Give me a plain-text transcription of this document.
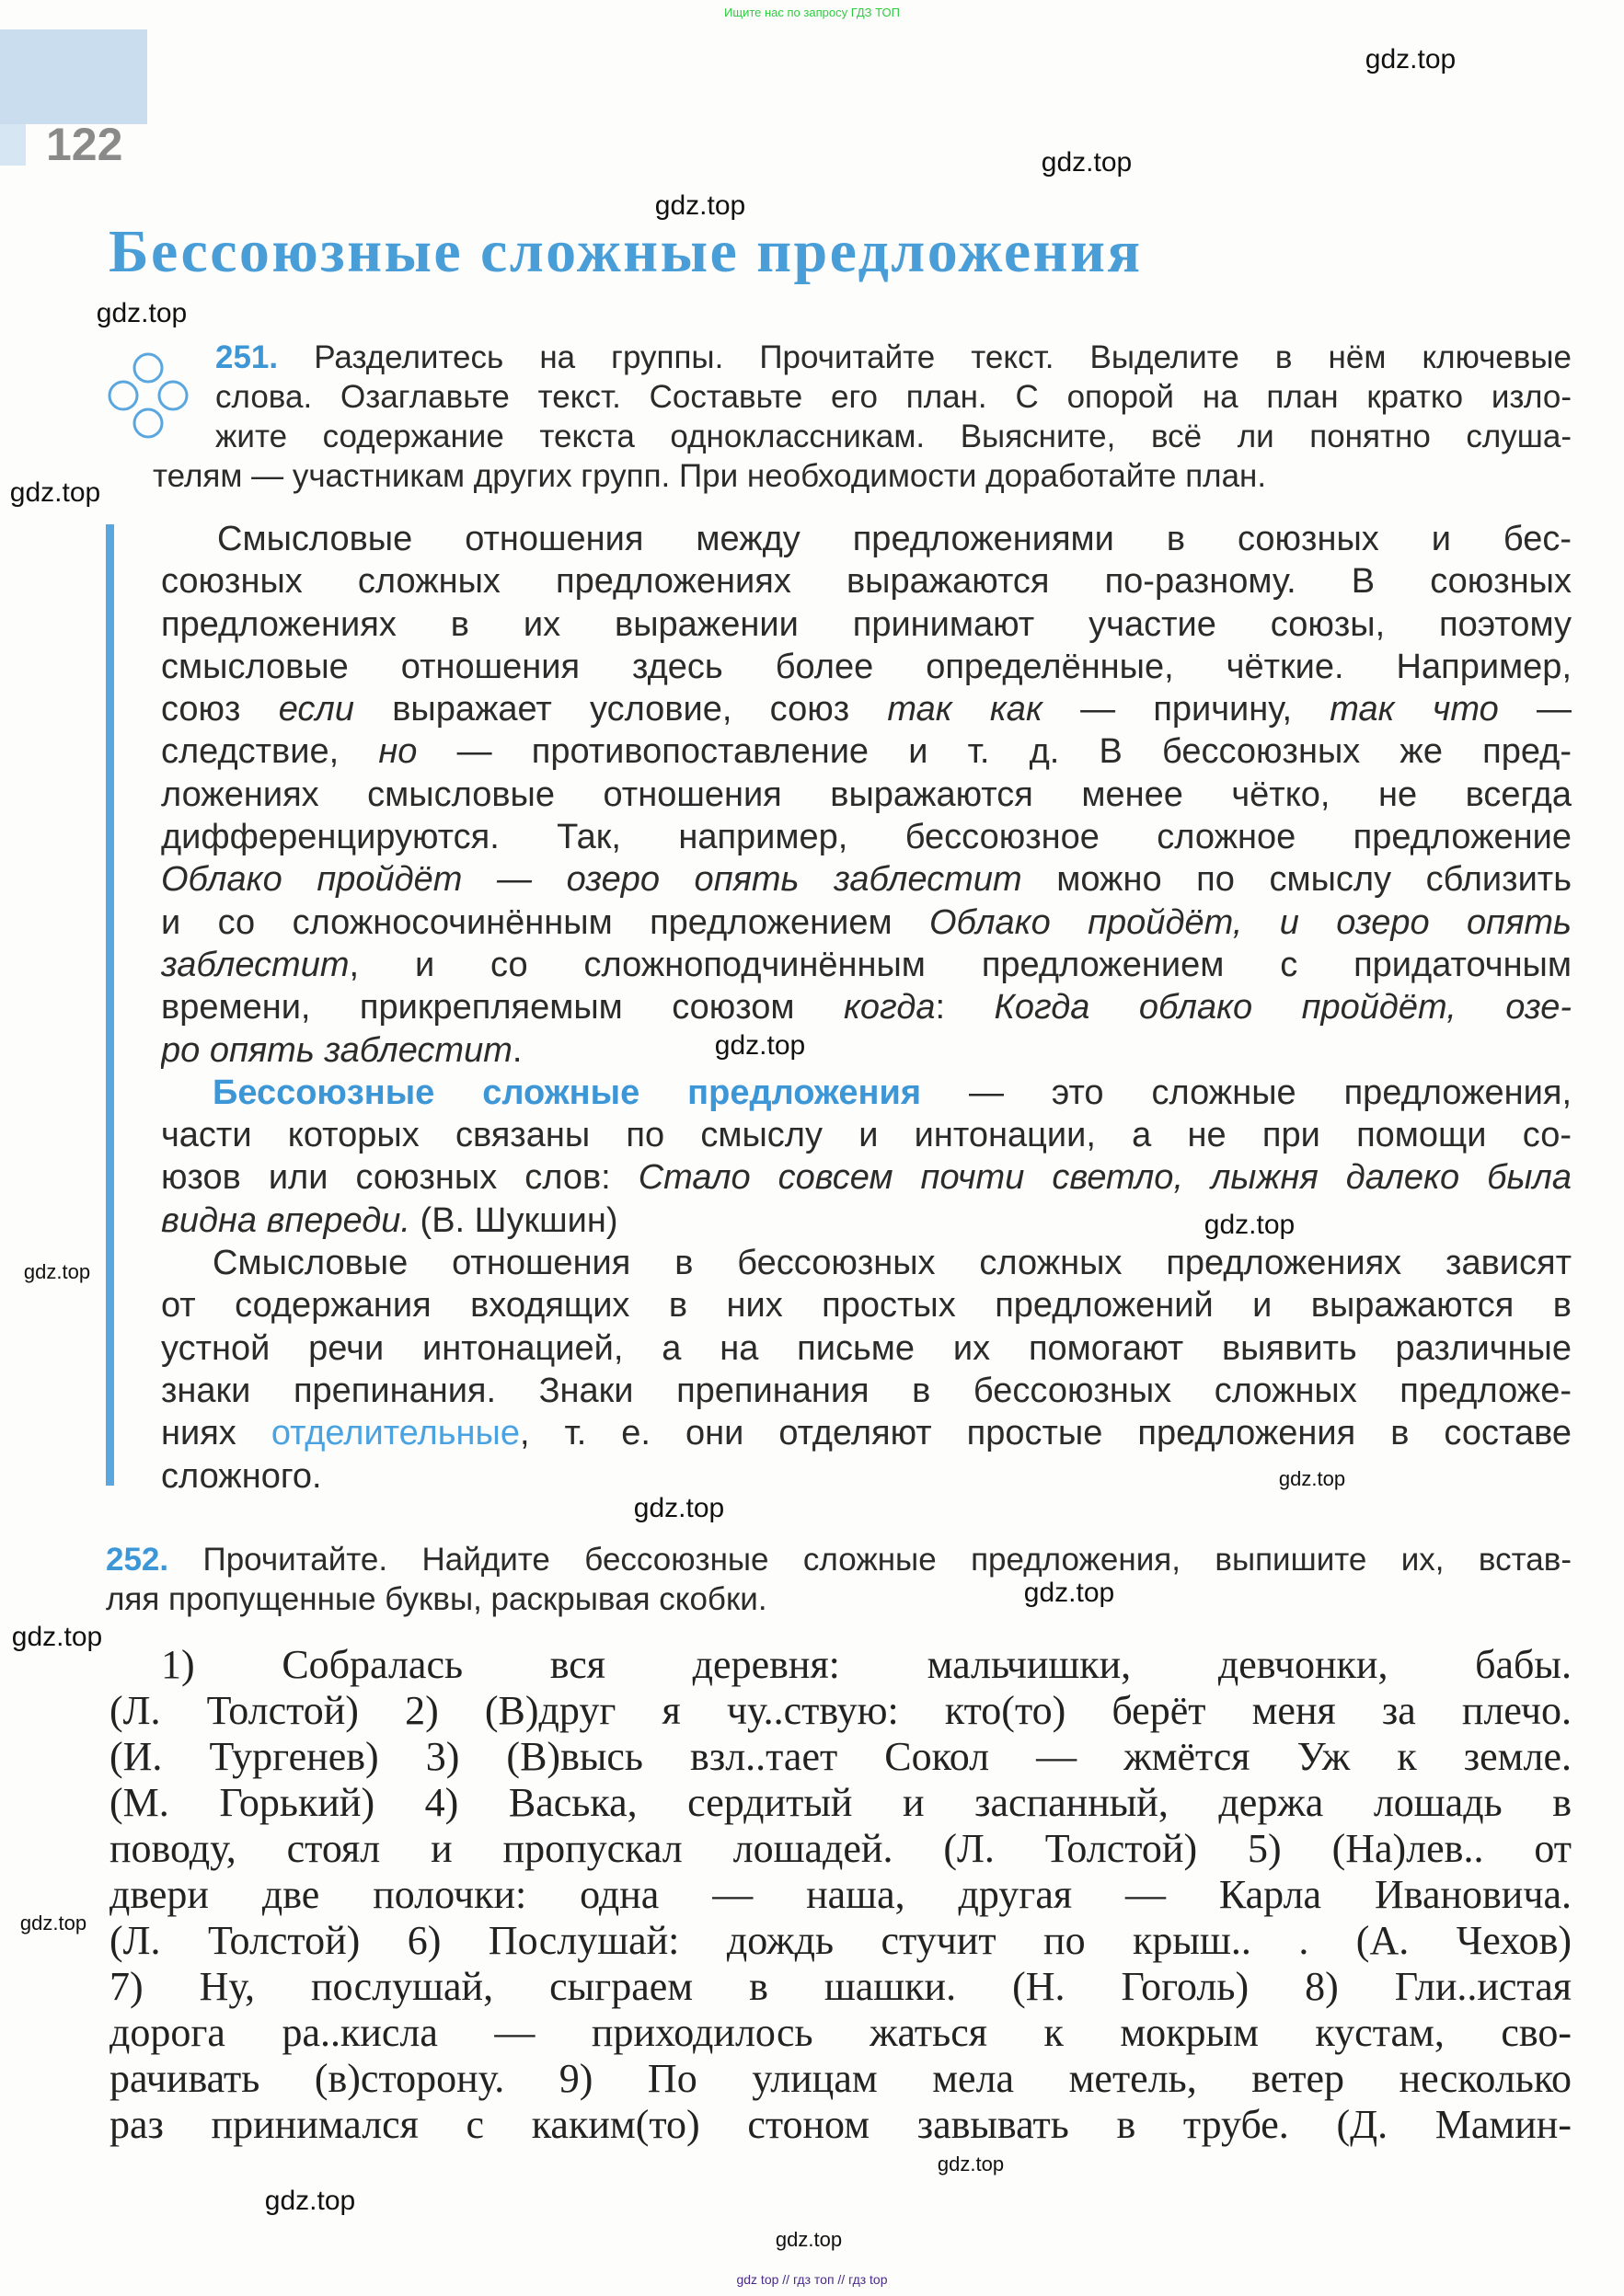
Ищите нас по запросу ГДЗ ТОП
122
Бессоюзные сложные предложения
251. Разделитесь на группы. Прочитайте текст. Выделите в нём ключевые
слова. Озаглавьте текст. Составьте его план. С опорой на план кратко изло-
жите содержание текста одноклассникам. Выясните, всё ли понятно слуша-
телям — участникам других групп. При необходимости доработайте план.
Смысловые отношения между предложениями в союзных и бес-
союзных сложных предложениях выражаются по-разному. В союзных
предложениях в их выражении принимают участие союзы, поэтому
смысловые отношения здесь более определённые, чёткие. Например,
союз если выражает условие, союз так как — причину, так что —
следствие, но — противопоставление и т. д. В бессоюзных же пред-
ложениях смысловые отношения выражаются менее чётко, не всегда
дифференцируются. Так, например, бессоюзное сложное предложение
Облако пройдёт — озеро опять заблестит можно по смыслу сблизить
и со сложносочинённым предложением Облако пройдёт, и озеро опять
заблестит, и со сложноподчинённым предложением с придаточным
времени, прикрепляемым союзом когда: Когда облако пройдёт, озе-
ро опять заблестит.
Бессоюзные сложные предложения — это сложные предложения,
части которых связаны по смыслу и интонации, а не при помощи со-
юзов или союзных слов: Стало совсем почти светло, лыжня далеко была
видна впереди. (В. Шукшин)
Смысловые отношения в бессоюзных сложных предложениях зависят
от содержания входящих в них простых предложений и выражаются в
устной речи интонацией, а на письме их помогают выявить различные
знаки препинания. Знаки препинания в бессоюзных сложных предложе-
ниях отделительные, т. е. они отделяют простые предложения в составе
сложного.
252. Прочитайте. Найдите бессоюзные сложные предложения, выпишите их, встав-
ляя пропущенные буквы, раскрывая скобки.
1) Собралась вся деревня: мальчишки, девчонки, бабы.
(Л. Толстой) 2) (В)друг я чу..ствую: кто(то) берёт меня за плечо.
(И. Тургенев) 3) (В)высь взл..тает Сокол — жмётся Уж к земле.
(М. Горький) 4) Васька, сердитый и заспанный, держа лошадь в
поводу, стоял и пропускал лошадей. (Л. Толстой) 5) (На)лев.. от
двери две полочки: одна — наша, другая — Карла Ивановича.
(Л. Толстой) 6) Послушай: дождь стучит по крыш.. . (А. Чехов)
7) Ну, послушай, сыграем в шашки. (Н. Гоголь) 8) Гли..истая
дорога ра..кисла — приходилось жаться к мокрым кустам, сво-
рачивать (в)сторону. 9) По улицам мела метель, ветер несколько
раз принимался с каким(то) стоном завывать в трубе. (Д. Мамин-
gdz.top
gdz.top
gdz.top
gdz.top
gdz.top
gdz.top
gdz.top
gdz.top
gdz.top
gdz.top
gdz.top
gdz.top
gdz.top
gdz.top
gdz.top
gdz.top
gdz top // гдз топ // гдз top
